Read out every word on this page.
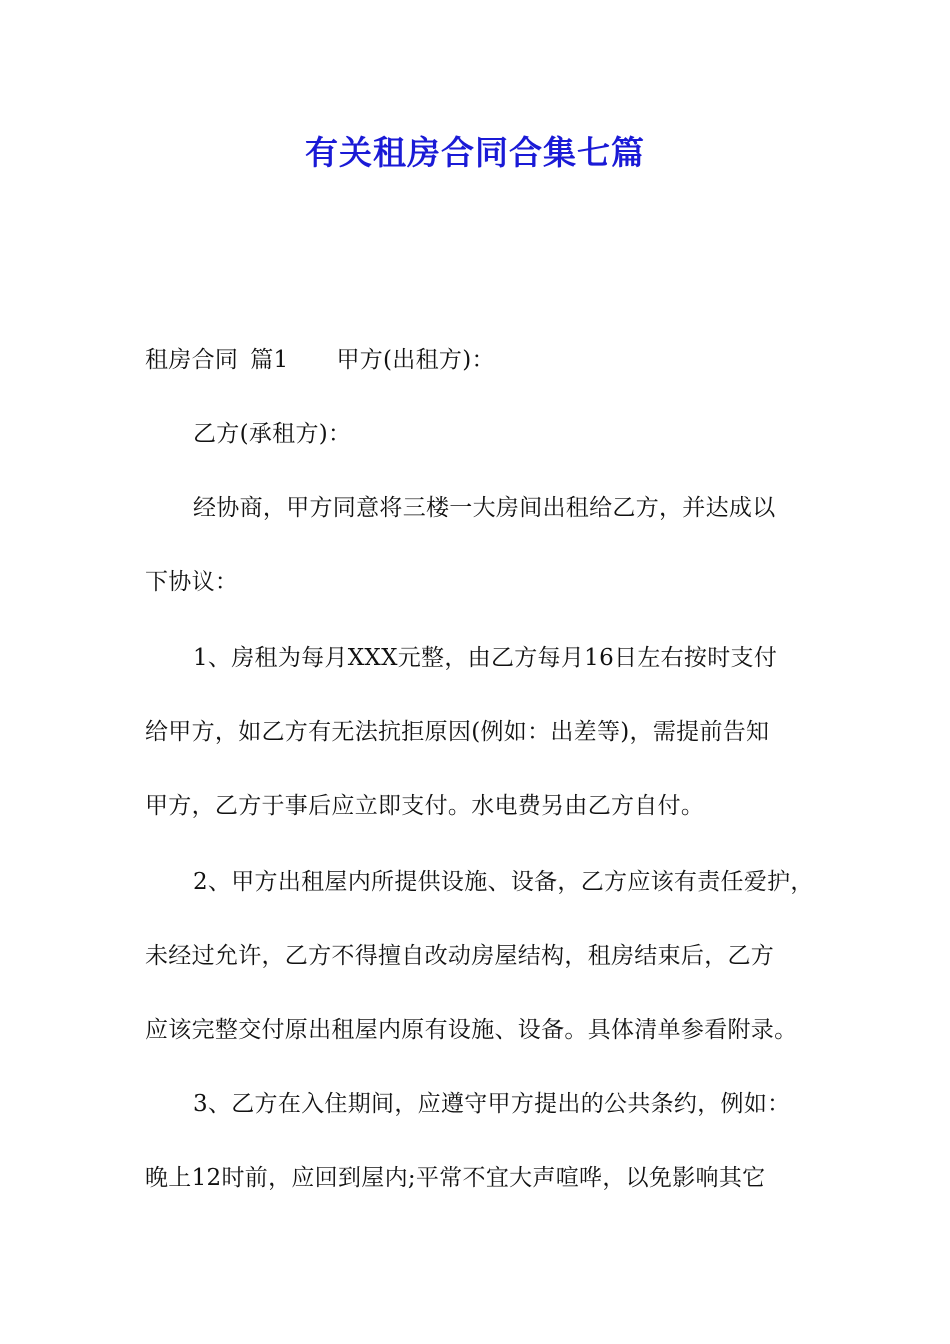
有关租房合同合集七篇
租房合同 篇1 甲方(出租方)：
乙方(承租方)：
经协商，甲方同意将三楼一大房间出租给乙方，并达成以
下协议：
1、房租为每月XXX元整，由乙方每月16日左右按时支付
给甲方，如乙方有无法抗拒原因(例如：出差等)，需提前告知
甲方，乙方于事后应立即支付。水电费另由乙方自付。
2、甲方出租屋内所提供设施、设备，乙方应该有责任爱护，
未经过允许，乙方不得擅自改动房屋结构，租房结束后，乙方
应该完整交付原出租屋内原有设施、设备。具体清单参看附录。
3、乙方在入住期间，应遵守甲方提出的公共条约，例如：
晚上12时前，应回到屋内;平常不宜大声喧哗，以免影响其它
